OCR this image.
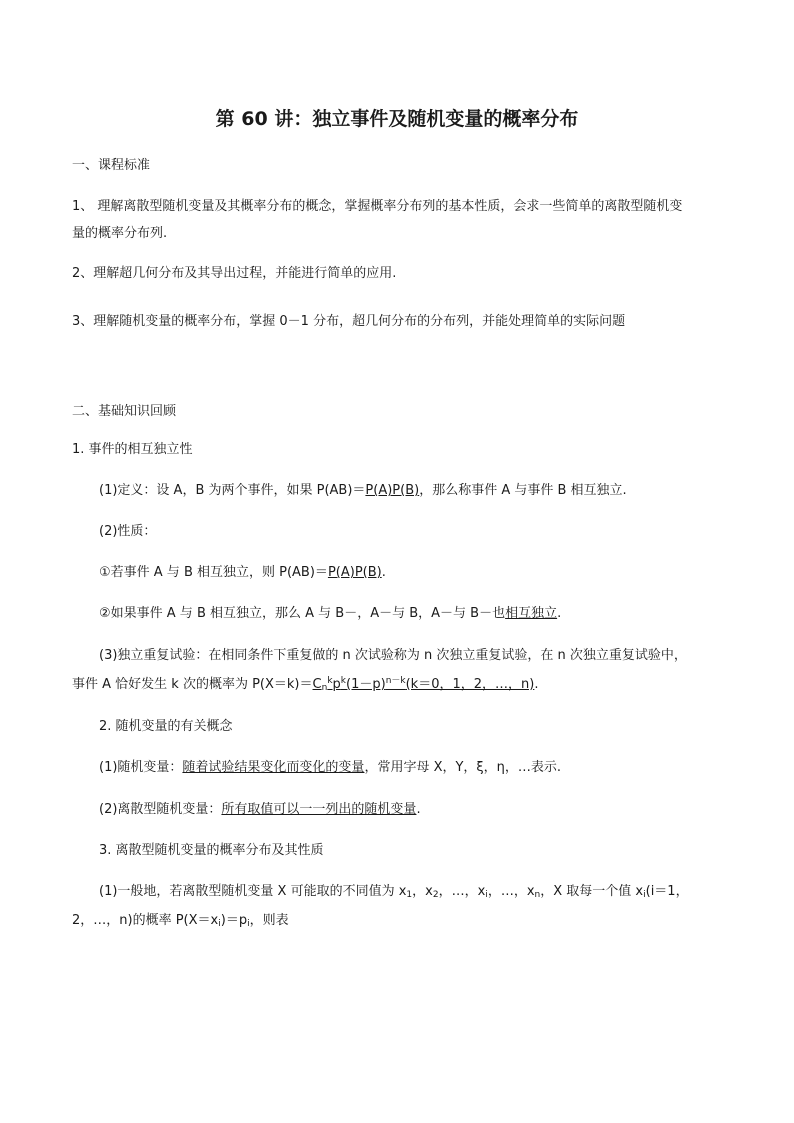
第 60 讲：独立事件及随机变量的概率分布
一、课程标准
1、 理解离散型随机变量及其概率分布的概念，掌握概率分布列的基本性质，会求一些简单的离散型随机变
量的概率分布列.
2、理解超几何分布及其导出过程，并能进行简单的应用.
3、理解随机变量的概率分布，掌握 0－1 分布，超几何分布的分布列，并能处理简单的实际问题
二、基础知识回顾
1. 事件的相互独立性
(1)定义：设 A，B 为两个事件，如果 P(AB)＝P(A)P(B)，那么称事件 A 与事件 B 相互独立.
(2)性质：
①若事件 A 与 B 相互独立，则 P(AB)＝P(A)P(B).
②如果事件 A 与 B 相互独立，那么 A 与 B－，A－与 B，A－与 B－也相互独立.
(3)独立重复试验：在相同条件下重复做的 n 次试验称为 n 次独立重复试验，在 n 次独立重复试验中，
事件 A 恰好发生 k 次的概率为 $P(X=k)=C_n^kp^k(1-p)^{n-k}(k=0$，1，2，…，n).
2. 随机变量的有关概念
(1)随机变量：随着试验结果变化而变化的变量，常用字母 X，Y，ξ，η，…表示.
(2)离散型随机变量：所有取值可以一一列出的随机变量.
3. 离散型随机变量的概率分布及其性质
(1)一般地，若离散型随机变量 X 可能取的不同值为 $x_1$，$x_2$，…，$x_i$，…，$x_n$，X 取每一个值 $x_i(i=1$，
2，…，n)的概率 $P(X=x_i)=p_i$，则表
